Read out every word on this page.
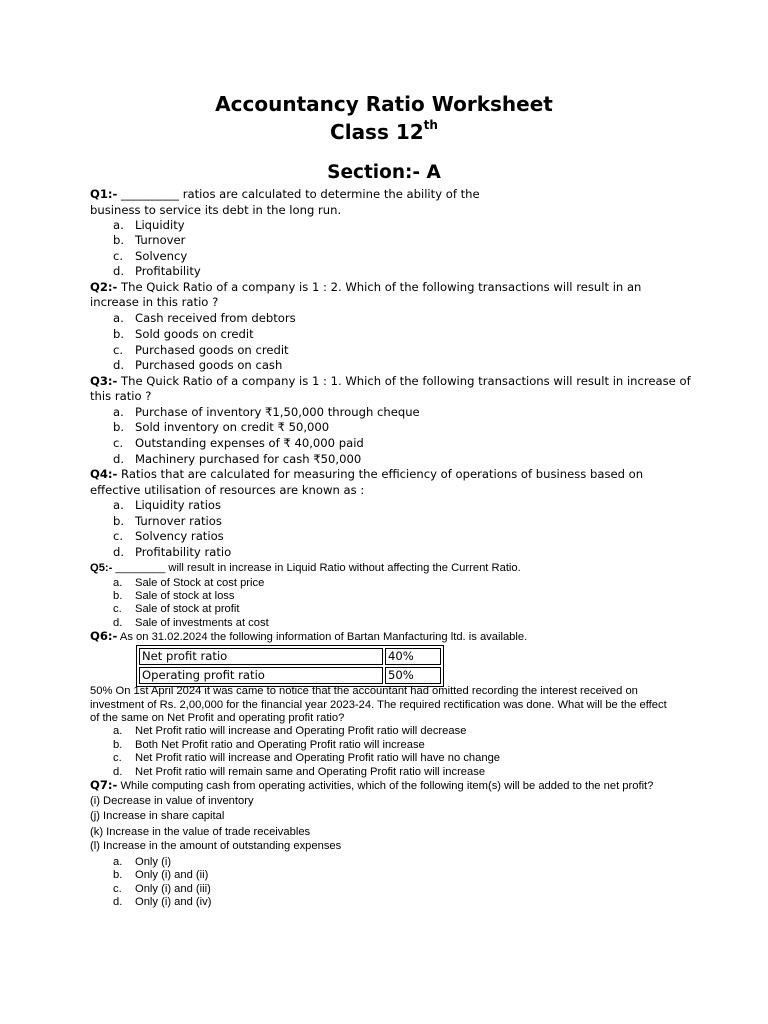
Accountancy Ratio Worksheet
Class 12th
Section:- A
Q1:- __________ ratios are calculated to determine the ability of the
business to service its debt in the long run.
a. Liquidity
b. Turnover
c. Solvency
d. Profitability
Q2:- The Quick Ratio of a company is 1 : 2. Which of the following transactions will result in an
increase in this ratio ?
a. Cash received from debtors
b. Sold goods on credit
c. Purchased goods on credit
d. Purchased goods on cash
Q3:- The Quick Ratio of a company is 1 : 1. Which of the following transactions will result in increase of
this ratio ?
a. Purchase of inventory ₹1,50,000 through cheque
b. Sold inventory on credit ₹ 50,000
c. Outstanding expenses of ₹ 40,000 paid
d. Machinery purchased for cash ₹50,000
Q4:- Ratios that are calculated for measuring the efficiency of operations of business based on
effective utilisation of resources are known as :
a. Liquidity ratios
b. Turnover ratios
c. Solvency ratios
d. Profitability ratio
Q5:- ________ will result in increase in Liquid Ratio without affecting the Current Ratio.
a. Sale of Stock at cost price
b. Sale of stock at loss
c. Sale of stock at profit
d. Sale of investments at cost
Q6:- As on 31.02.2024 the following information of Bartan Manfacturing ltd. is available.
Net profit ratio	40%
Operating profit ratio	50%
50% On 1st April 2024 it was came to notice that the accountant had omitted recording the interest received on
investment of Rs. 2,00,000 for the financial year 2023-24. The required rectification was done. What will be the effect
of the same on Net Profit and operating profit ratio?
a. Net Profit ratio will increase and Operating Profit ratio will decrease
b. Both Net Profit ratio and Operating Profit ratio will increase
c. Net Profit ratio will increase and Operating Profit ratio will have no change
d. Net Profit ratio will remain same and Operating Profit ratio will increase
Q7:- While computing cash from operating activities, which of the following item(s) will be added to the net profit?
(i) Decrease in value of inventory
(j) Increase in share capital
(k) Increase in the value of trade receivables
(l) Increase in the amount of outstanding expenses
a. Only (i)
b. Only (i) and (ii)
c. Only (i) and (iii)
d. Only (i) and (iv)
